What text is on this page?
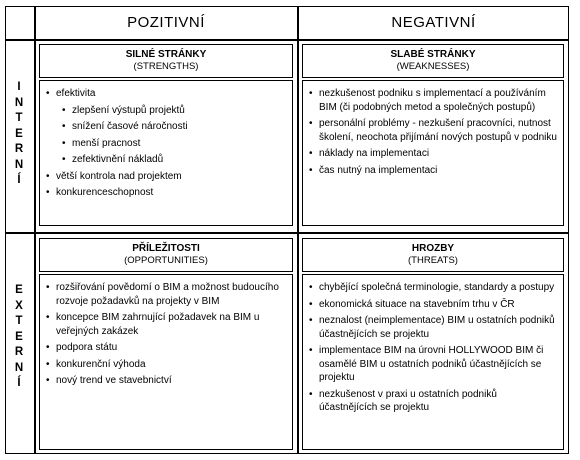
POZITIVNÍ	NEGATIVNÍ
I
N
T
E
R
N
Í
E
X
T
E
R
N
Í
SILNÉ STRÁNKY
(STRENGTHS)
• efektivita
• zlepšení výstupů projektů
• snížení časové náročnosti
• menší pracnost
• zefektivnění nákladů
• větší kontrola nad projektem
• konkurenceschopnost
SLABÉ STRÁNKY
(WEAKNESSES)
• nezkušenost podniku s implementací a používáním BIM (či podobných metod a společných postupů)
• personální problémy - nezkušení pracovníci, nutnost školení, neochota přijímání nových postupů v podniku
• náklady na implementaci
• čas nutný na implementaci
PŘÍLEŽITOSTI
(OPPORTUNITIES)
• rozšiřování povědomí o BIM a možnost budoucího rozvoje požadavků na projekty v BIM
• koncepce BIM zahrnující požadavek na BIM u veřejných zakázek
• podpora státu
• konkurenční výhoda
• nový trend ve stavebnictví
HROZBY
(THREATS)
• chybějící společná terminologie, standardy a postupy
• ekonomická situace na stavebním trhu v ČR
• neznalost (neimplementace) BIM u ostatních podniků účastnějících se projektu
• implementace BIM na úrovni HOLLYWOOD BIM či osamělé BIM u ostatních podniků účastnějících se projektu
• nezkušenost v praxi u ostatních podniků účastnějících se projektu
